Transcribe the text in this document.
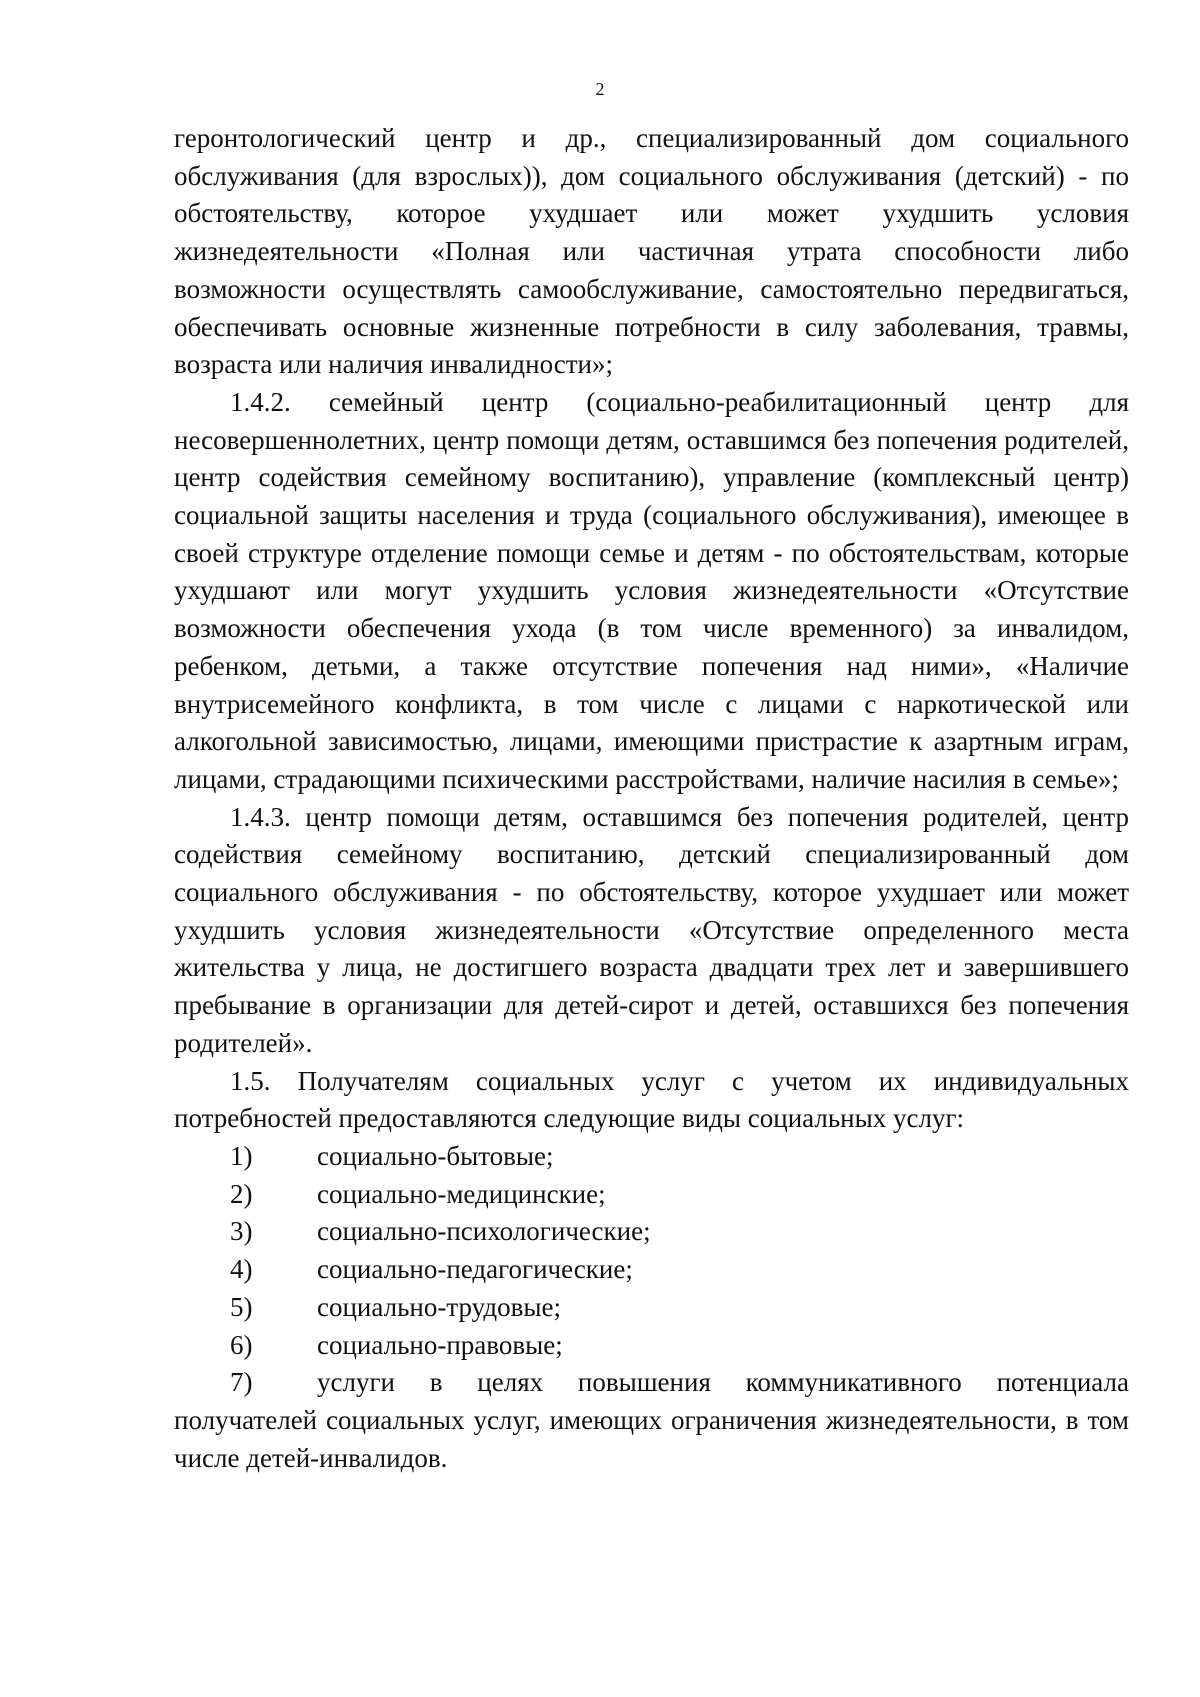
2

геронтологический центр и др., специализированный дом социального обслуживания (для взрослых)), дом социального обслуживания (детский) - по обстоятельству, которое ухудшает или может ухудшить условия жизнедеятельности «Полная или частичная утрата способности либо возможности осуществлять самообслуживание, самостоятельно передвигаться, обеспечивать основные жизненные потребности в силу заболевания, травмы, возраста или наличия инвалидности»;

1.4.2. семейный центр (социально-реабилитационный центр для несовершеннолетних, центр помощи детям, оставшимся без попечения родителей, центр содействия семейному воспитанию), управление (комплексный центр) социальной защиты населения и труда (социального обслуживания), имеющее в своей структуре отделение помощи семье и детям - по обстоятельствам, которые ухудшают или могут ухудшить условия жизнедеятельности «Отсутствие возможности обеспечения ухода (в том числе временного) за инвалидом, ребенком, детьми, а также отсутствие попечения над ними», «Наличие внутрисемейного конфликта, в том числе с лицами с наркотической или алкогольной зависимостью, лицами, имеющими пристрастие к азартным играм, лицами, страдающими психическими расстройствами, наличие насилия в семье»;

1.4.3. центр помощи детям, оставшимся без попечения родителей, центр содействия семейному воспитанию, детский специализированный дом социального обслуживания - по обстоятельству, которое ухудшает или может ухудшить условия жизнедеятельности «Отсутствие определенного места жительства у лица, не достигшего возраста двадцати трех лет и завершившего пребывание в организации для детей-сирот и детей, оставшихся без попечения родителей».

1.5. Получателям социальных услуг с учетом их индивидуальных потребностей предоставляются следующие виды социальных услуг:

1)	социально-бытовые;
2)	социально-медицинские;
3)	социально-психологические;
4)	социально-педагогические;
5)	социально-трудовые;
6)	социально-правовые;

7) услуги в целях повышения коммуникативного потенциала получателей социальных услуг, имеющих ограничения жизнедеятельности, в том числе детей-инвалидов.
